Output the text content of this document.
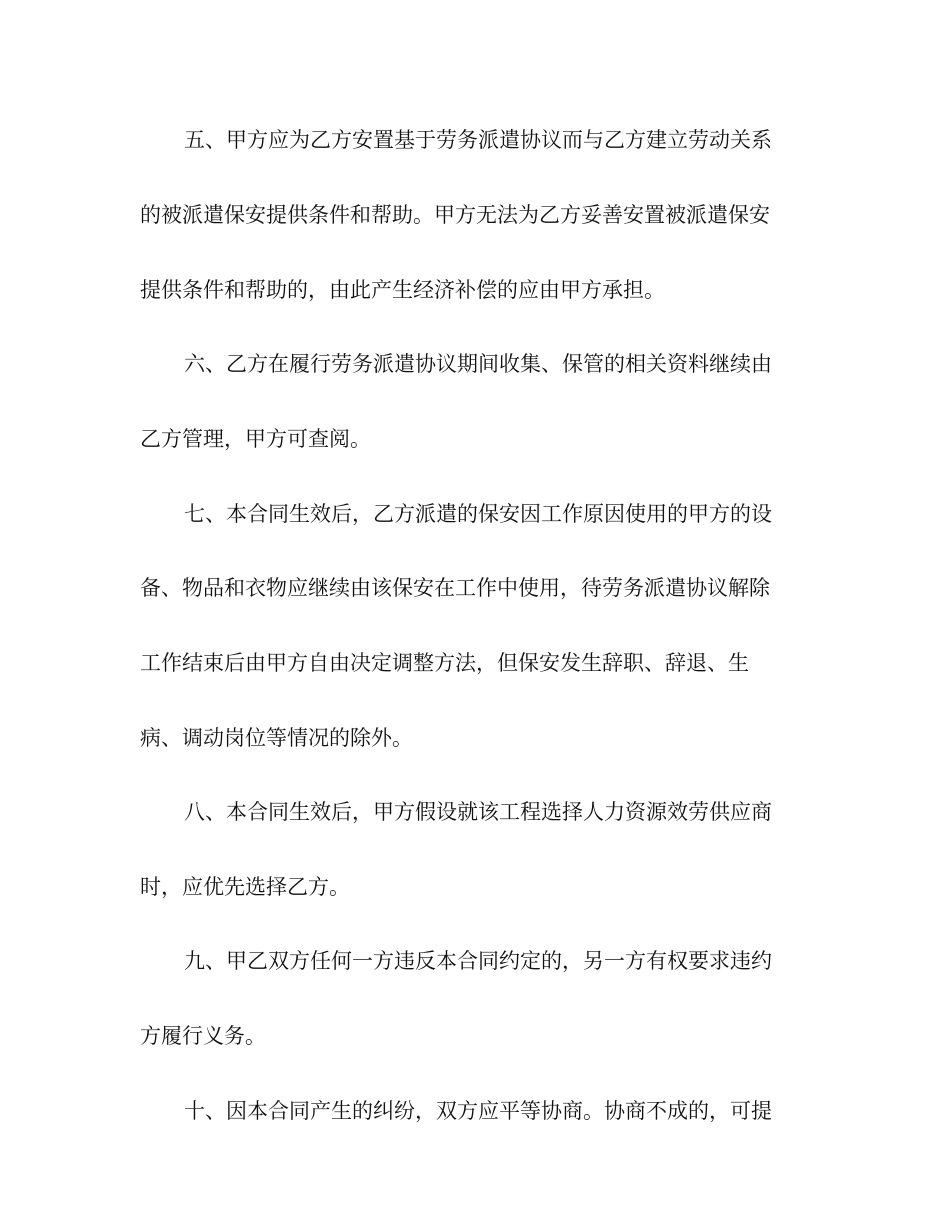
五、甲方应为乙方安置基于劳务派遣协议而与乙方建立劳动关系
的被派遣保安提供条件和帮助。甲方无法为乙方妥善安置被派遣保安
提供条件和帮助的，由此产生经济补偿的应由甲方承担。
六、乙方在履行劳务派遣协议期间收集、保管的相关资料继续由
乙方管理，甲方可查阅。
七、本合同生效后，乙方派遣的保安因工作原因使用的甲方的设
备、物品和衣物应继续由该保安在工作中使用，待劳务派遣协议解除
工作结束后由甲方自由决定调整方法，但保安发生辞职、辞退、生
病、调动岗位等情况的除外。
八、本合同生效后，甲方假设就该工程选择人力资源效劳供应商
时，应优先选择乙方。
九、甲乙双方任何一方违反本合同约定的，另一方有权要求违约
方履行义务。
十、因本合同产生的纠纷，双方应平等协商。协商不成的，可提
